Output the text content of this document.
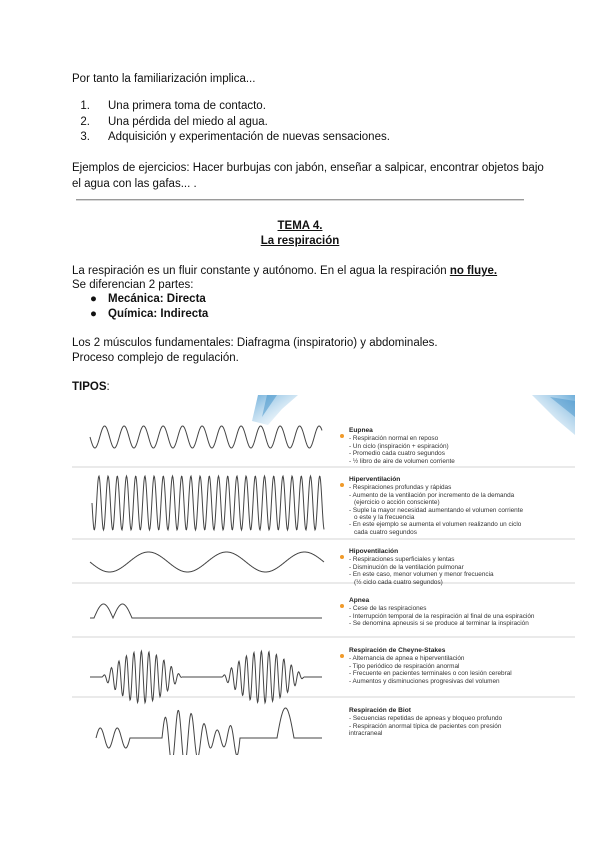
Por tanto la familiarización implica...

1. Una primera toma de contacto.
2. Una pérdida del miedo al agua.
3. Adquisición y experimentación de nuevas sensaciones.

Ejemplos de ejercicios: Hacer burbujas con jabón, enseñar a salpicar, encontrar objetos bajo

el agua con las gafas... .

TEMA 4.

La respiración

La respiración es un fluir constante y autónomo. En el agua la respiración no fluye.

Se diferencian 2 partes:

● Mecánica: Directa
● Química: Indirecta

Los 2 músculos fundamentales: Diafragma (inspiratorio) y abdominales.

Proceso complejo de regulación.

TIPOS:

Eupnea
- Respiración normal en reposo
- Un ciclo (inspiración + espiración)
- Promedio cada cuatro segundos
- ½ libro de aire de volumen corriente
Hiperventilación
- Respiraciones profundas y rápidas
- Aumento de la ventilación por incremento de la demanda
(ejercicio o acción consciente)
- Suple la mayor necesidad aumentando el volumen corriente
o este y la frecuencia
- En este ejemplo se aumenta el volumen realizando un ciclo
cada cuatro segundos
Hipoventilación
- Respiraciones superficiales y lentas
- Disminución de la ventilación pulmonar
- En este caso, menor volumen y menor frecuencia
(½ ciclo cada cuatro segundos)
Apnea
- Cese de las respiraciones
- Interrupción temporal de la respiración al final de una espiración
- Se denomina apneusis si se produce al terminar la inspiración
Respiración de Cheyne-Stakes
- Alternancia de apnea e hiperventilación
- Tipo periódico de respiración anormal
- Frecuente en pacientes terminales o con lesión cerebral
- Aumentos y disminuciones progresivas del volumen
Respiración de Biot
- Secuencias repetidas de apneas y bloqueo profundo
- Respiración anormal típica de pacientes con presión
intracraneal
